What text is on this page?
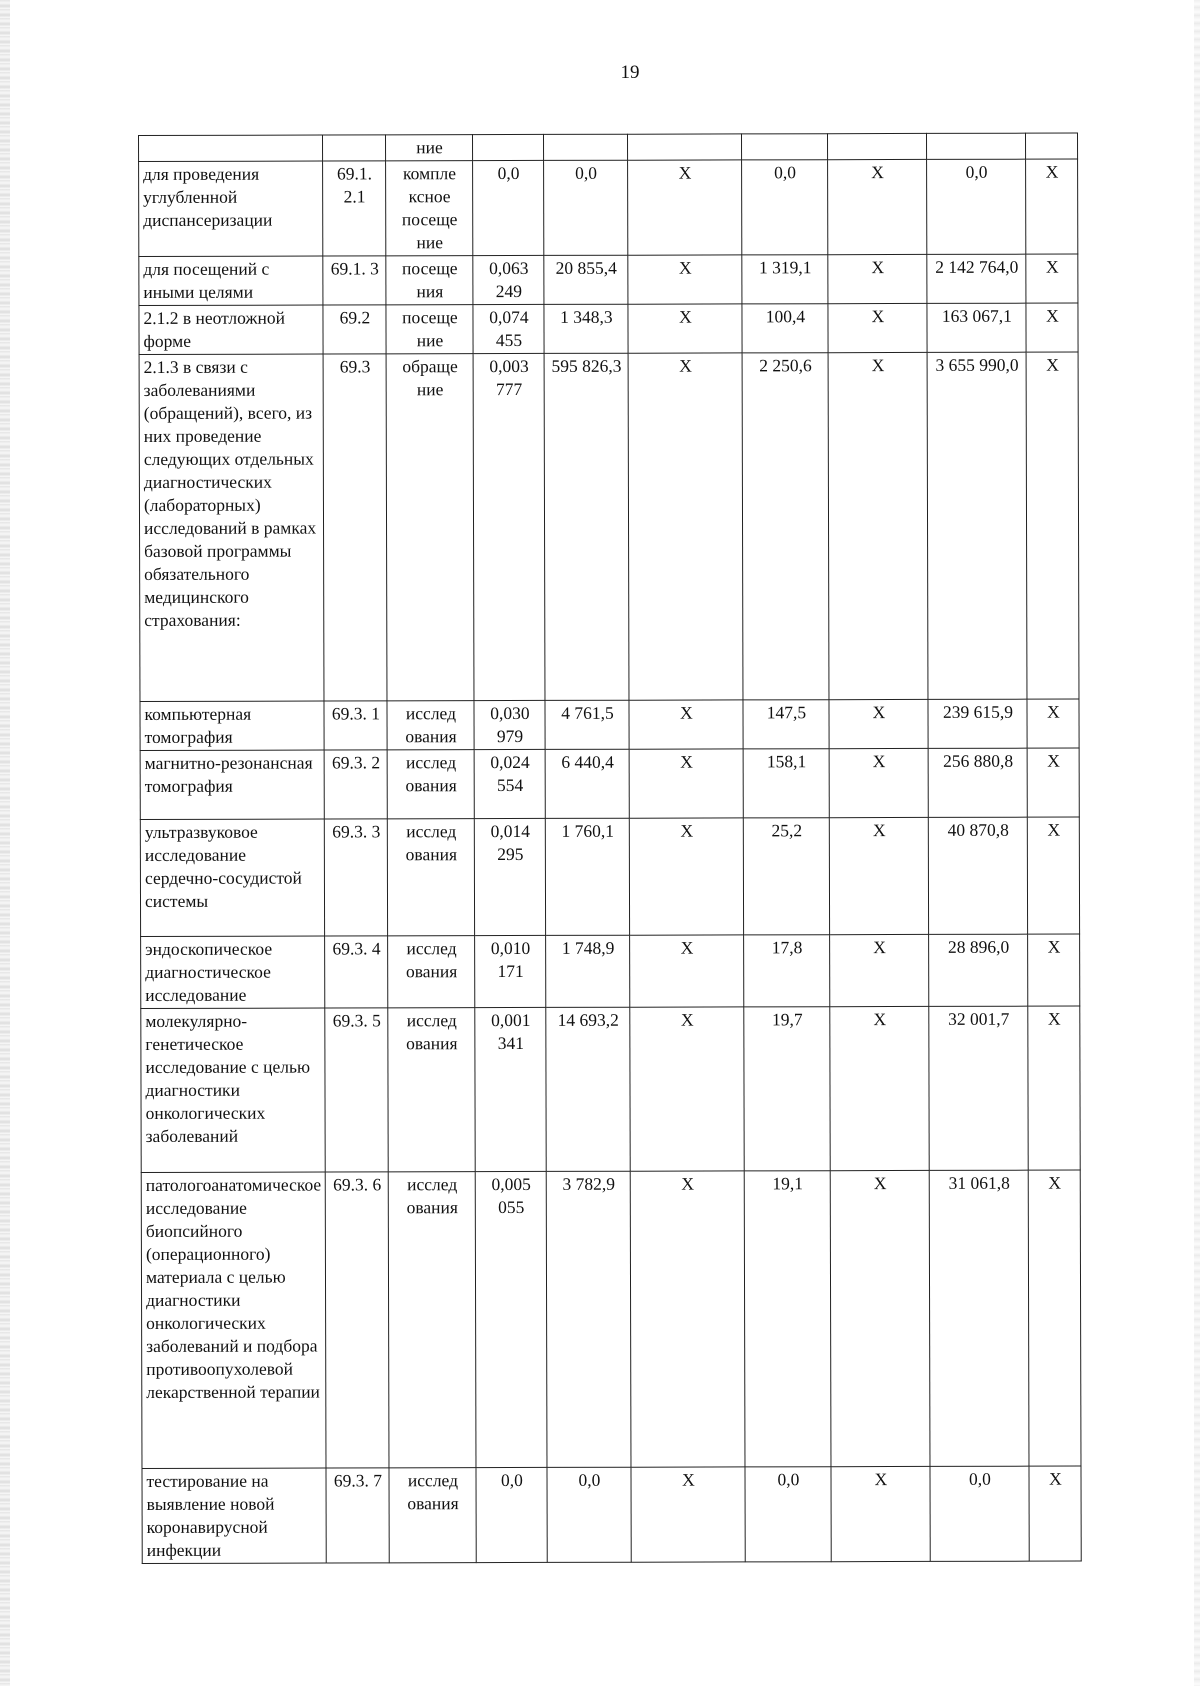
19
		ние							
для проведения углубленной диспансеризации	69.1. 2.1	компле ксное посеще ние	0,0	0,0	X	0,0	X	0,0	X
для посещений с иными целями	69.1. 3	посеще ния	0,063 249	20 855,4	X	1 319,1	X	2 142 764,0	X
2.1.2 в неотложной форме	69.2	посеще ние	0,074 455	1 348,3	X	100,4	X	163 067,1	X
2.1.3 в связи с заболеваниями (обращений), всего, из них проведение следующих отдельных диагностических (лабораторных) исследований в рамках базовой программы обязательного медицинского страхования:	69.3	обраще ние	0,003 777	595 826,3	X	2 250,6	X	3 655 990,0	X
компьютерная томография	69.3. 1	исслед ования	0,030 979	4 761,5	X	147,5	X	239 615,9	X
магнитно-резонансная томография	69.3. 2	исслед ования	0,024 554	6 440,4	X	158,1	X	256 880,8	X
ультразвуковое исследование сердечно-сосудистой системы	69.3. 3	исслед ования	0,014 295	1 760,1	X	25,2	X	40 870,8	X
эндоскопическое диагностическое исследование	69.3. 4	исслед ования	0,010 171	1 748,9	X	17,8	X	28 896,0	X
молекулярно-генетическое исследование с целью диагностики онкологических заболеваний	69.3. 5	исслед ования	0,001 341	14 693,2	X	19,7	X	32 001,7	X
патологоанатомическое исследование биопсийного (операционного) материала с целью диагностики онкологических заболеваний и подбора противоопухолевой лекарственной терапии	69.3. 6	исслед ования	0,005 055	3 782,9	X	19,1	X	31 061,8	X
тестирование на выявление новой коронавирусной инфекции	69.3. 7	исслед ования	0,0	0,0	X	0,0	X	0,0	X
